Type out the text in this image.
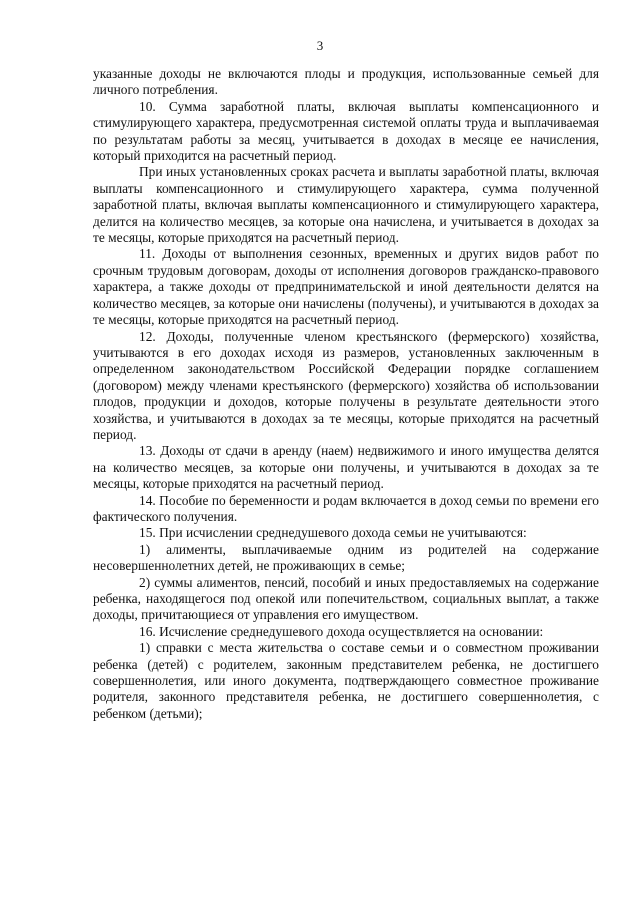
3

указанные доходы не включаются плоды и продукция, использованные семьей для личного потребления.

10. Сумма заработной платы, включая выплаты компенсационного и стимулирующего характера, предусмотренная системой оплаты труда и выплачиваемая по результатам работы за месяц, учитывается в доходах в месяце ее начисления, который приходится на расчетный период.

При иных установленных сроках расчета и выплаты заработной платы, включая выплаты компенсационного и стимулирующего характера, сумма полученной заработной платы, включая выплаты компенсационного и стимулирующего характера, делится на количество месяцев, за которые она начислена, и учитывается в доходах за те месяцы, которые приходятся на расчетный период.

11. Доходы от выполнения сезонных, временных и других видов работ по срочным трудовым договорам, доходы от исполнения договоров гражданско-правового характера, а также доходы от предпринимательской и иной деятельности делятся на количество месяцев, за которые они начислены (получены), и учитываются в доходах за те месяцы, которые приходятся на расчетный период.

12. Доходы, полученные членом крестьянского (фермерского) хозяйства, учитываются в его доходах исходя из размеров, установленных заключенным в определенном законодательством Российской Федерации порядке соглашением (договором) между членами крестьянского (фермерского) хозяйства об использовании плодов, продукции и доходов, которые получены в результате деятельности этого хозяйства, и учитываются в доходах за те месяцы, которые приходятся на расчетный период.

13. Доходы от сдачи в аренду (наем) недвижимого и иного имущества делятся на количество месяцев, за которые они получены, и учитываются в доходах за те месяцы, которые приходятся на расчетный период.

14. Пособие по беременности и родам включается в доход семьи по времени его фактического получения.

15. При исчислении среднедушевого дохода семьи не учитываются:

1) алименты, выплачиваемые одним из родителей на содержание несовершеннолетних детей, не проживающих в семье;

2) суммы алиментов, пенсий, пособий и иных предоставляемых на содержание ребенка, находящегося под опекой или попечительством, социальных выплат, а также доходы, причитающиеся от управления его имуществом.

16. Исчисление среднедушевого дохода осуществляется на основании:

1) справки с места жительства о составе семьи и о совместном проживании ребенка (детей) с родителем, законным представителем ребенка, не достигшего совершеннолетия, или иного документа, подтверждающего совместное проживание родителя, законного представителя ребенка, не достигшего совершеннолетия, с ребенком (детьми);
